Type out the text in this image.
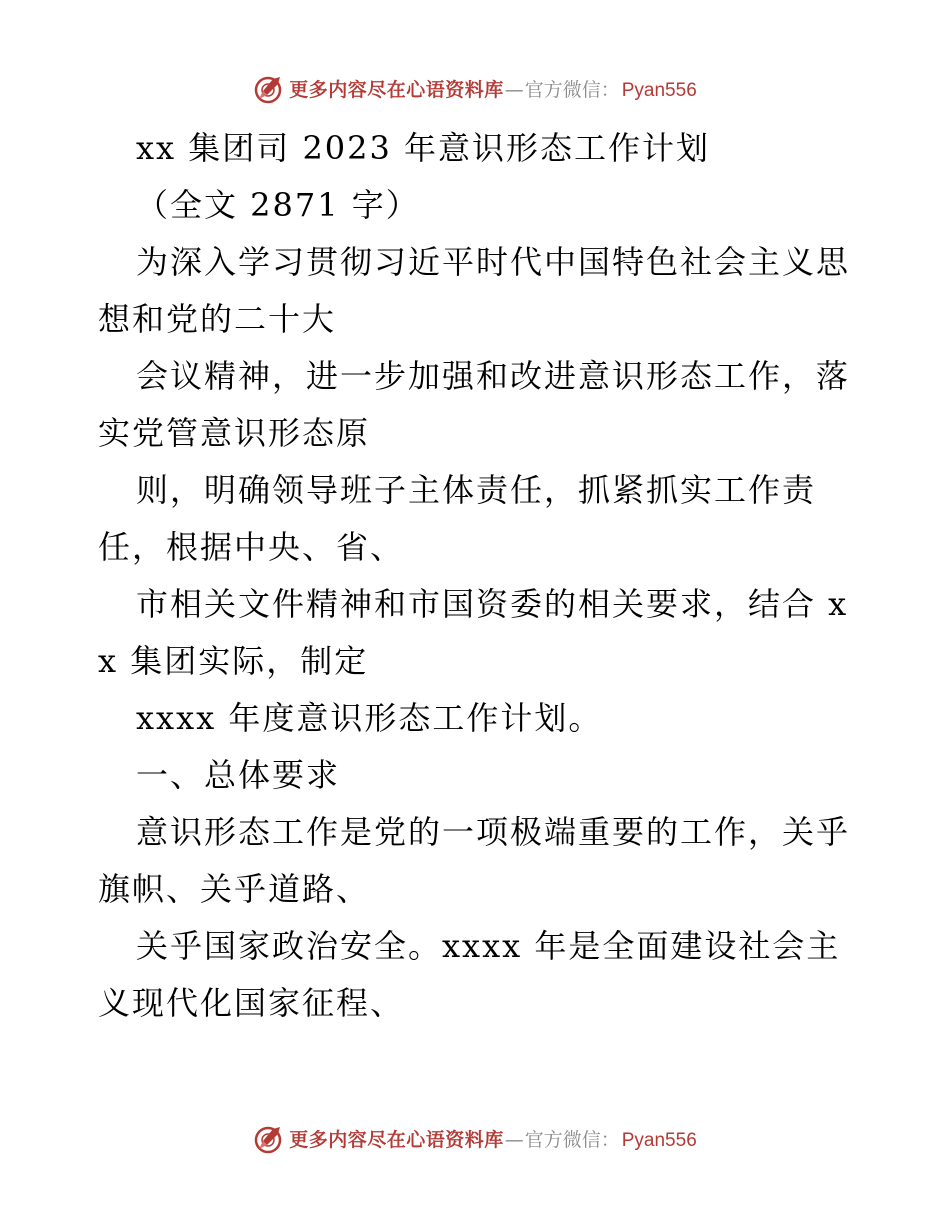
更多内容尽在心语资料库 — 官方微信： Pyan556

xx 集团司 2023 年意识形态工作计划

（全文 2871 字）

为深入学习贯彻习近平时代中国特色社会主义思想和党的二十大

会议精神，进一步加强和改进意识形态工作，落实党管意识形态原

则，明确领导班子主体责任，抓紧抓实工作责任，根据中央、省、

市相关文件精神和市国资委的相关要求，结合 xx 集团实际，制定

xxxx 年度意识形态工作计划。

一、总体要求

意识形态工作是党的一项极端重要的工作，关乎旗帜、关乎道路、

关乎国家政治安全。xxxx 年是全面建设社会主义现代化国家征程、

更多内容尽在心语资料库 — 官方微信： Pyan556
